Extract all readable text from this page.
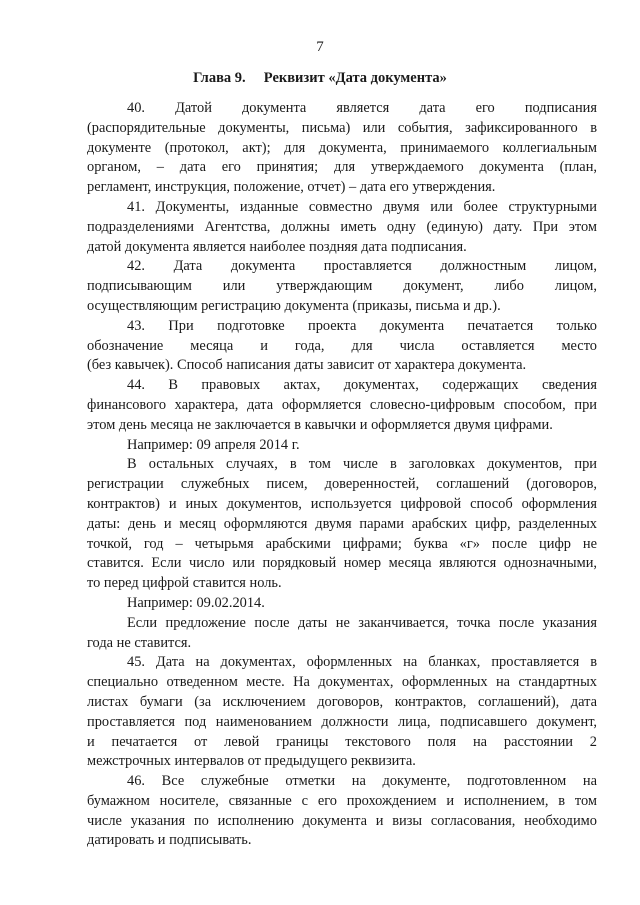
7
Глава 9.     Реквизит «Дата документа»
40. Датой документа является дата его подписания
(распорядительные документы, письма) или события, зафиксированного в
документе (протокол, акт); для документа, принимаемого коллегиальным
органом, – дата его принятия; для утверждаемого документа (план,
регламент, инструкция, положение, отчет) – дата его утверждения.
41. Документы, изданные совместно двумя или более структурными
подразделениями Агентства, должны иметь одну (единую) дату. При этом
датой документа является наиболее поздняя дата подписания.
42. Дата документа проставляется должностным лицом,
подписывающим или утверждающим документ, либо лицом,
осуществляющим регистрацию документа (приказы, письма и др.).
43. При подготовке проекта документа печатается только
обозначение месяца и года, для числа оставляется место
(без кавычек). Способ написания даты зависит от характера документа.
44. В правовых актах, документах, содержащих сведения
финансового характера, дата оформляется словесно-цифровым способом, при
этом день месяца не заключается в кавычки и оформляется двумя цифрами.
Например: 09 апреля 2014 г.
В остальных случаях, в том числе в заголовках документов, при
регистрации служебных писем, доверенностей, соглашений (договоров,
контрактов) и иных документов, используется цифровой способ оформления
даты: день и месяц оформляются двумя парами арабских цифр, разделенных
точкой, год – четырьмя арабскими цифрами; буква «г» после цифр не
ставится. Если число или порядковый номер месяца являются однозначными,
то перед цифрой ставится ноль.
Например: 09.02.2014.
Если предложение после даты не заканчивается, точка после указания
года не ставится.
45. Дата на документах, оформленных на бланках, проставляется в
специально отведенном месте. На документах, оформленных на стандартных
листах бумаги (за исключением договоров, контрактов, соглашений), дата
проставляется под наименованием должности лица, подписавшего документ,
и печатается от левой границы текстового поля на расстоянии 2
межстрочных интервалов от предыдущего реквизита.
46. Все служебные отметки на документе, подготовленном на
бумажном носителе, связанные с его прохождением и исполнением, в том
числе указания по исполнению документа и визы согласования, необходимо
датировать и подписывать.
